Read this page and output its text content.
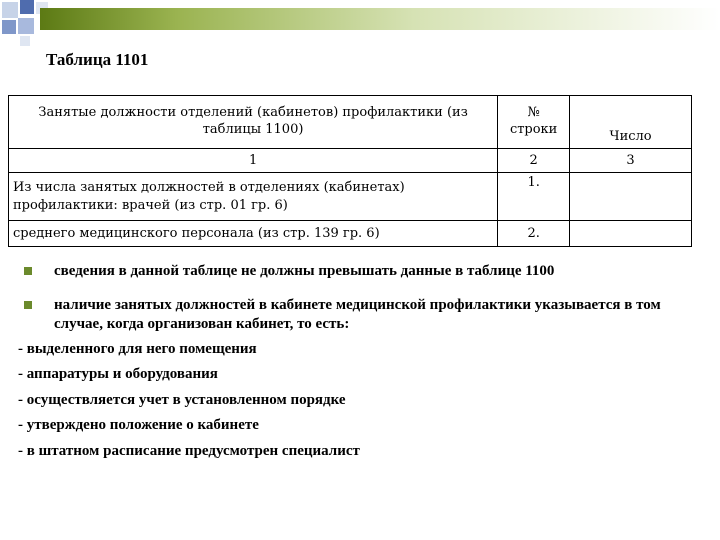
Таблица 1101
Занятые должности отделений (кабинетов) профилактики (из таблицы 1100)	№ строки	Число
1	2	3
Из числа занятых должностей в отделениях (кабинетах) профилактики: врачей (из стр. 01 гр. 6)	1.	
среднего медицинского персонала (из стр. 139 гр. 6)	2.	
сведения в данной таблице не должны превышать данные в таблице 1100
наличие занятых должностей в кабинете медицинской профилактики указывается в том случае, когда организован кабинет, то есть:
- выделенного для него помещения
- аппаратуры и оборудования
- осуществляется учет в установленном порядке
- утверждено положение о кабинете
- в штатном расписание предусмотрен специалист
